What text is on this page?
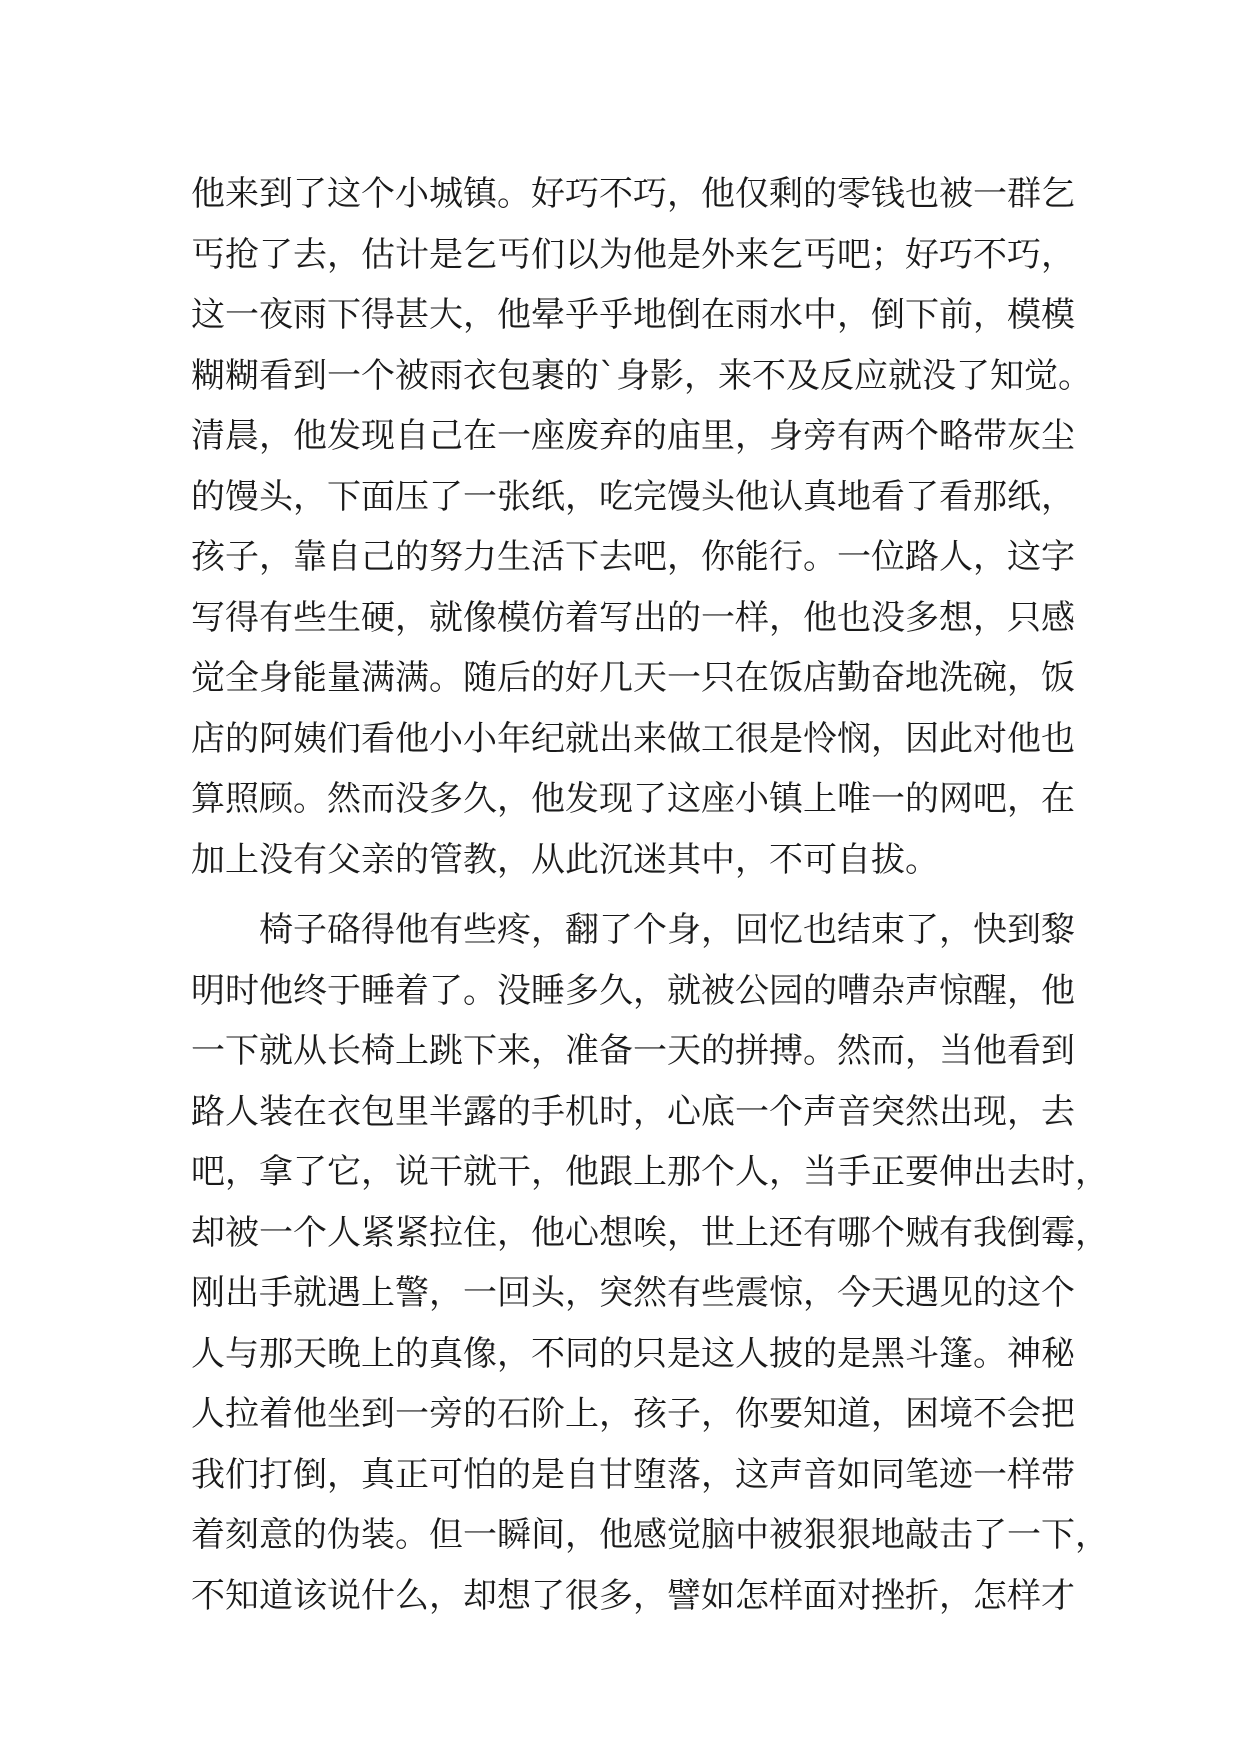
他来到了这个小城镇。好巧不巧，他仅剩的零钱也被一群乞
丐抢了去，估计是乞丐们以为他是外来乞丐吧；好巧不巧，
这一夜雨下得甚大，他晕乎乎地倒在雨水中，倒下前，模模
糊糊看到一个被雨衣包裹的`身影，来不及反应就没了知觉。
清晨，他发现自己在一座废弃的庙里，身旁有两个略带灰尘
的馒头，下面压了一张纸，吃完馒头他认真地看了看那纸，
孩子，靠自己的努力生活下去吧，你能行。一位路人，这字
写得有些生硬，就像模仿着写出的一样，他也没多想，只感
觉全身能量满满。随后的好几天一只在饭店勤奋地洗碗，饭
店的阿姨们看他小小年纪就出来做工很是怜悯，因此对他也
算照顾。然而没多久，他发现了这座小镇上唯一的网吧，在
加上没有父亲的管教，从此沉迷其中，不可自拔。
　　椅子硌得他有些疼，翻了个身，回忆也结束了，快到黎
明时他终于睡着了。没睡多久，就被公园的嘈杂声惊醒，他
一下就从长椅上跳下来，准备一天的拼搏。然而，当他看到
路人装在衣包里半露的手机时，心底一个声音突然出现，去
吧，拿了它，说干就干，他跟上那个人，当手正要伸出去时，
却被一个人紧紧拉住，他心想唉，世上还有哪个贼有我倒霉，
刚出手就遇上警，一回头，突然有些震惊，今天遇见的这个
人与那天晚上的真像，不同的只是这人披的是黑斗篷。神秘
人拉着他坐到一旁的石阶上，孩子，你要知道，困境不会把
我们打倒，真正可怕的是自甘堕落，这声音如同笔迹一样带
着刻意的伪装。但一瞬间，他感觉脑中被狠狠地敲击了一下，
不知道该说什么，却想了很多，譬如怎样面对挫折，怎样才
